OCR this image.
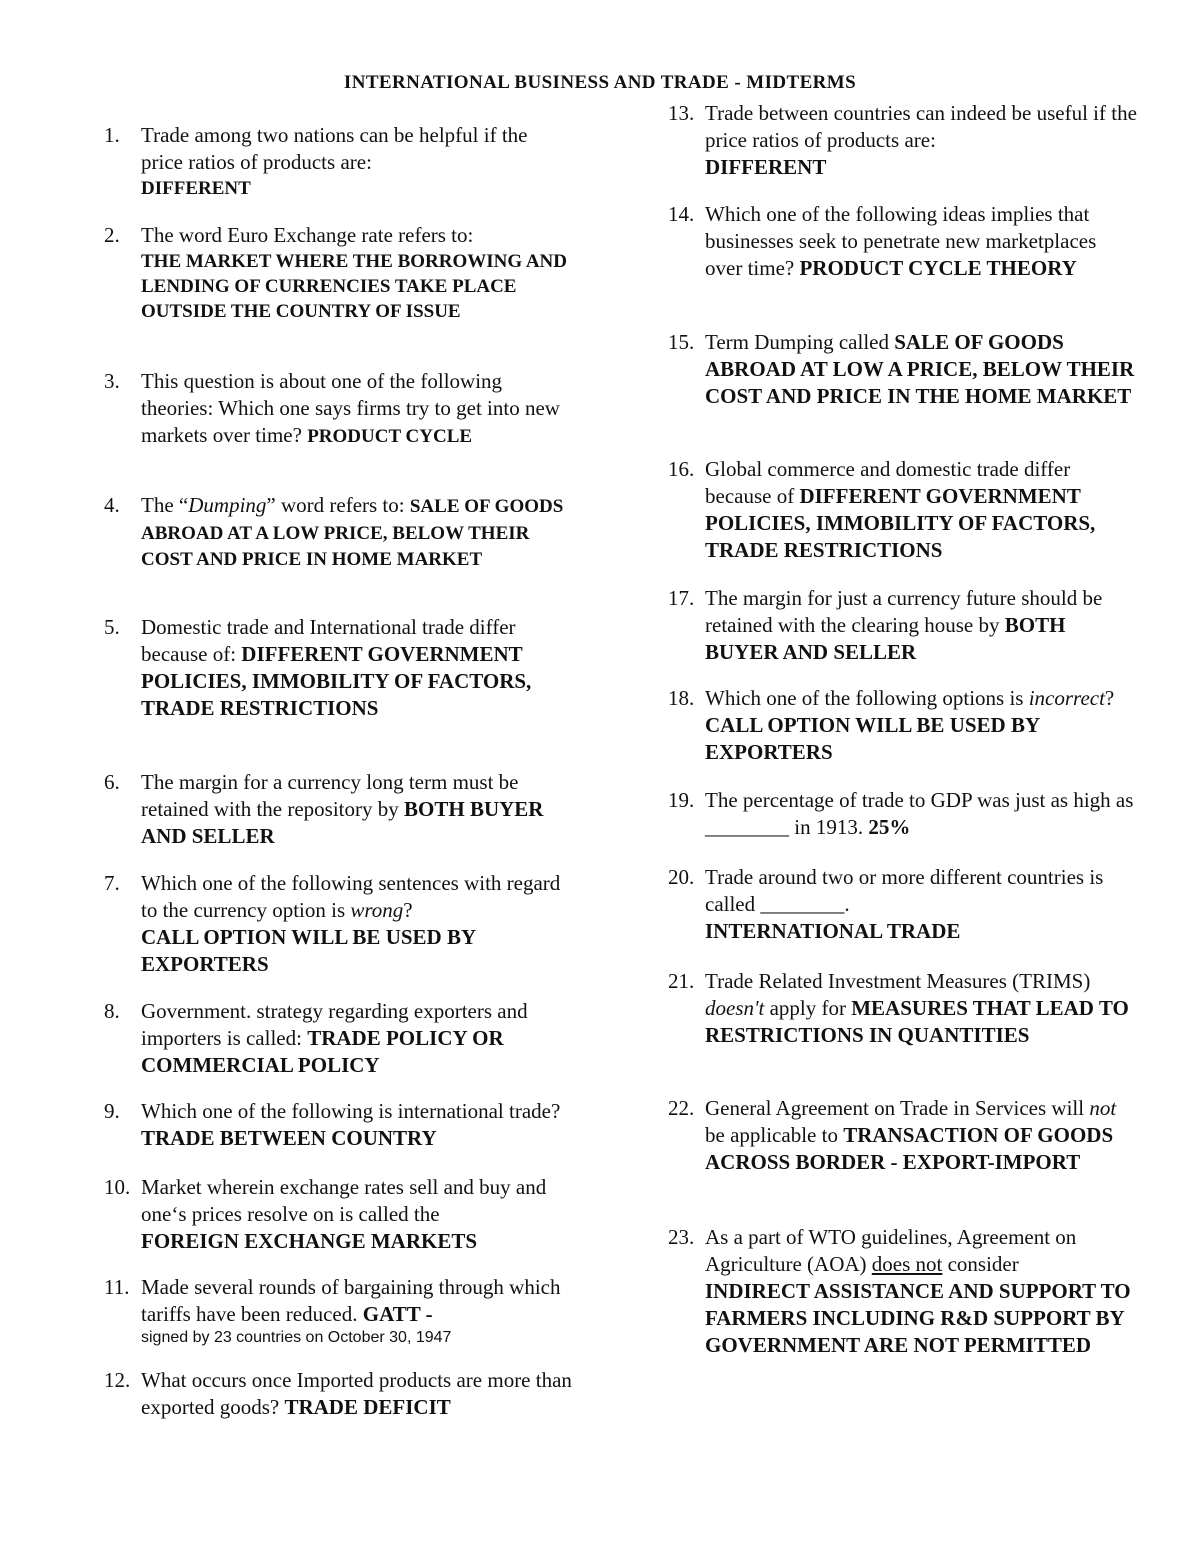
INTERNATIONAL BUSINESS AND TRADE - MIDTERMS
1. Trade among two nations can be helpful if the price ratios of products are:
DIFFERENT
2. The word Euro Exchange rate refers to:
THE MARKET WHERE THE BORROWING AND LENDING OF CURRENCIES TAKE PLACE OUTSIDE THE COUNTRY OF ISSUE
3. This question is about one of the following theories: Which one says firms try to get into new markets over time? PRODUCT CYCLE
4. The “Dumping” word refers to: SALE OF GOODS ABROAD AT A LOW PRICE, BELOW THEIR COST AND PRICE IN HOME MARKET
5. Domestic trade and International trade differ because of: DIFFERENT GOVERNMENT POLICIES, IMMOBILITY OF FACTORS, TRADE RESTRICTIONS
6. The margin for a currency long term must be retained with the repository by BOTH BUYER AND SELLER
7. Which one of the following sentences with regard to the currency option is wrong?
CALL OPTION WILL BE USED BY EXPORTERS
8. Government. strategy regarding exporters and importers is called: TRADE POLICY OR COMMERCIAL POLICY
9. Which one of the following is international trade? TRADE BETWEEN COUNTRY
10. Market wherein exchange rates sell and buy and one‘s prices resolve on is called the
FOREIGN EXCHANGE MARKETS
11. Made several rounds of bargaining through which tariffs have been reduced. GATT -
signed by 23 countries on October 30, 1947
12. What occurs once Imported products are more than exported goods? TRADE DEFICIT
13. Trade between countries can indeed be useful if the price ratios of products are:
DIFFERENT
14. Which one of the following ideas implies that businesses seek to penetrate new marketplaces over time? PRODUCT CYCLE THEORY
15. Term Dumping called SALE OF GOODS ABROAD AT LOW A PRICE, BELOW THEIR COST AND PRICE IN THE HOME MARKET
16. Global commerce and domestic trade differ because of DIFFERENT GOVERNMENT POLICIES, IMMOBILITY OF FACTORS, TRADE RESTRICTIONS
17. The margin for just a currency future should be retained with the clearing house by BOTH BUYER AND SELLER
18. Which one of the following options is incorrect? CALL OPTION WILL BE USED BY EXPORTERS
19. The percentage of trade to GDP was just as high as ________ in 1913. 25%
20. Trade around two or more different countries is called ________.
INTERNATIONAL TRADE
21. Trade Related Investment Measures (TRIMS) doesn't apply for MEASURES THAT LEAD TO RESTRICTIONS IN QUANTITIES
22. General Agreement on Trade in Services will not be applicable to TRANSACTION OF GOODS ACROSS BORDER - EXPORT-IMPORT
23. As a part of WTO guidelines, Agreement on Agriculture (AOA) does not consider
INDIRECT ASSISTANCE AND SUPPORT TO FARMERS INCLUDING R&D SUPPORT BY GOVERNMENT ARE NOT PERMITTED
